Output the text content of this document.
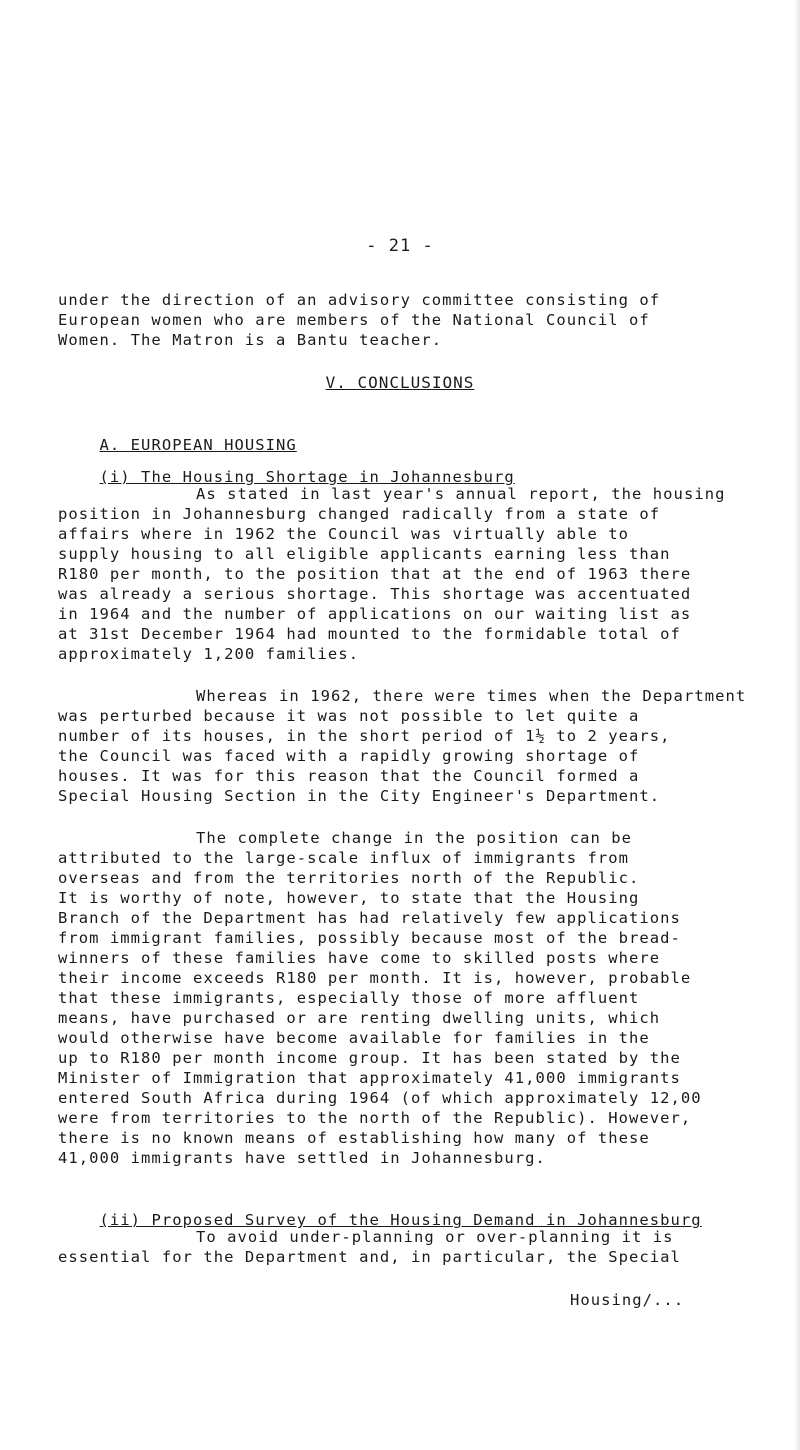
- 21 -
under the direction of an advisory committee consisting of
European women who are members of the National Council of
Women. The Matron is a Bantu teacher.
V. CONCLUSIONS

A. EUROPEAN HOUSING

(i) The Housing Shortage in Johannesburg

As stated in last year's annual report, the housing
position in Johannesburg changed radically from a state of
affairs where in 1962 the Council was virtually able to
supply housing to all eligible applicants earning less than
R180 per month, to the position that at the end of 1963 there
was already a serious shortage. This shortage was accentuated
in 1964 and the number of applications on our waiting list as
at 31st December 1964 had mounted to the formidable total of
approximately 1,200 families.
Whereas in 1962, there were times when the Department
was perturbed because it was not possible to let quite a
number of its houses, in the short period of 1½ to 2 years,
the Council was faced with a rapidly growing shortage of
houses. It was for this reason that the Council formed a
Special Housing Section in the City Engineer's Department.
The complete change in the position can be
attributed to the large-scale influx of immigrants from
overseas and from the territories north of the Republic.
It is worthy of note, however, to state that the Housing
Branch of the Department has had relatively few applications
from immigrant families, possibly because most of the bread-
winners of these families have come to skilled posts where
their income exceeds R180 per month. It is, however, probable
that these immigrants, especially those of more affluent
means, have purchased or are renting dwelling units, which
would otherwise have become available for families in the
up to R180 per month income group. It has been stated by the
Minister of Immigration that approximately 41,000 immigrants
entered South Africa during 1964 (of which approximately 12,00
were from territories to the north of the Republic). However,
there is no known means of establishing how many of these
41,000 immigrants have settled in Johannesburg.

(ii) Proposed Survey of the Housing Demand in Johannesburg

To avoid under-planning or over-planning it is
essential for the Department and, in particular, the Special
Housing/...
